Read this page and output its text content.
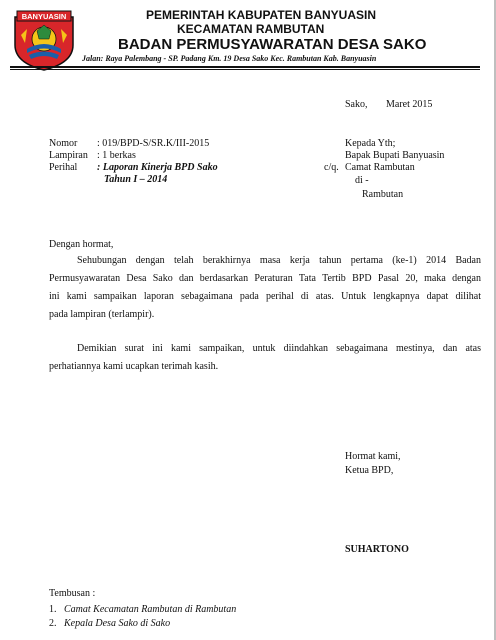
BANYUASIN	PEMERINTAH KABUPATEN BANYUASIN
KECAMATAN RAMBUTAN
BADAN PERMUSYAWARATAN DESA SAKO
Jalan: Raya Palembang - SP. Padang Km. 19 Desa Sako Kec. Rambutan Kab. Banyuasin
Sako, Maret 2015
Nomor : 019/BPD-S/SR.K/III-2015
Lampiran : 1 berkas
Perihal : Laporan Kinerja BPD Sako
Tahun I – 2014
Kepada Yth;
Bapak Bupati Banyuasin
c/q. Camat Rambutan
di -
Rambutan
Dengan hormat,
Sehubungan dengan telah berakhirnya masa kerja tahun pertama (ke-1) 2014 Badan
Permusyawaratan Desa Sako dan berdasarkan Peraturan Tata Tertib BPD Pasal 20, maka dengan
ini kami sampaikan laporan sebagaimana pada perihal di atas. Untuk lengkapnya dapat dilihat
pada lampiran (terlampir).
Demikian surat ini kami sampaikan, untuk diindahkan sebagaimana mestinya, dan atas
perhatiannya kami ucapkan terimah kasih.
Hormat kami,
Ketua BPD,
SUHARTONO
Tembusan :
1. Camat Kecamatan Rambutan di Rambutan
2. Kepala Desa Sako di Sako
